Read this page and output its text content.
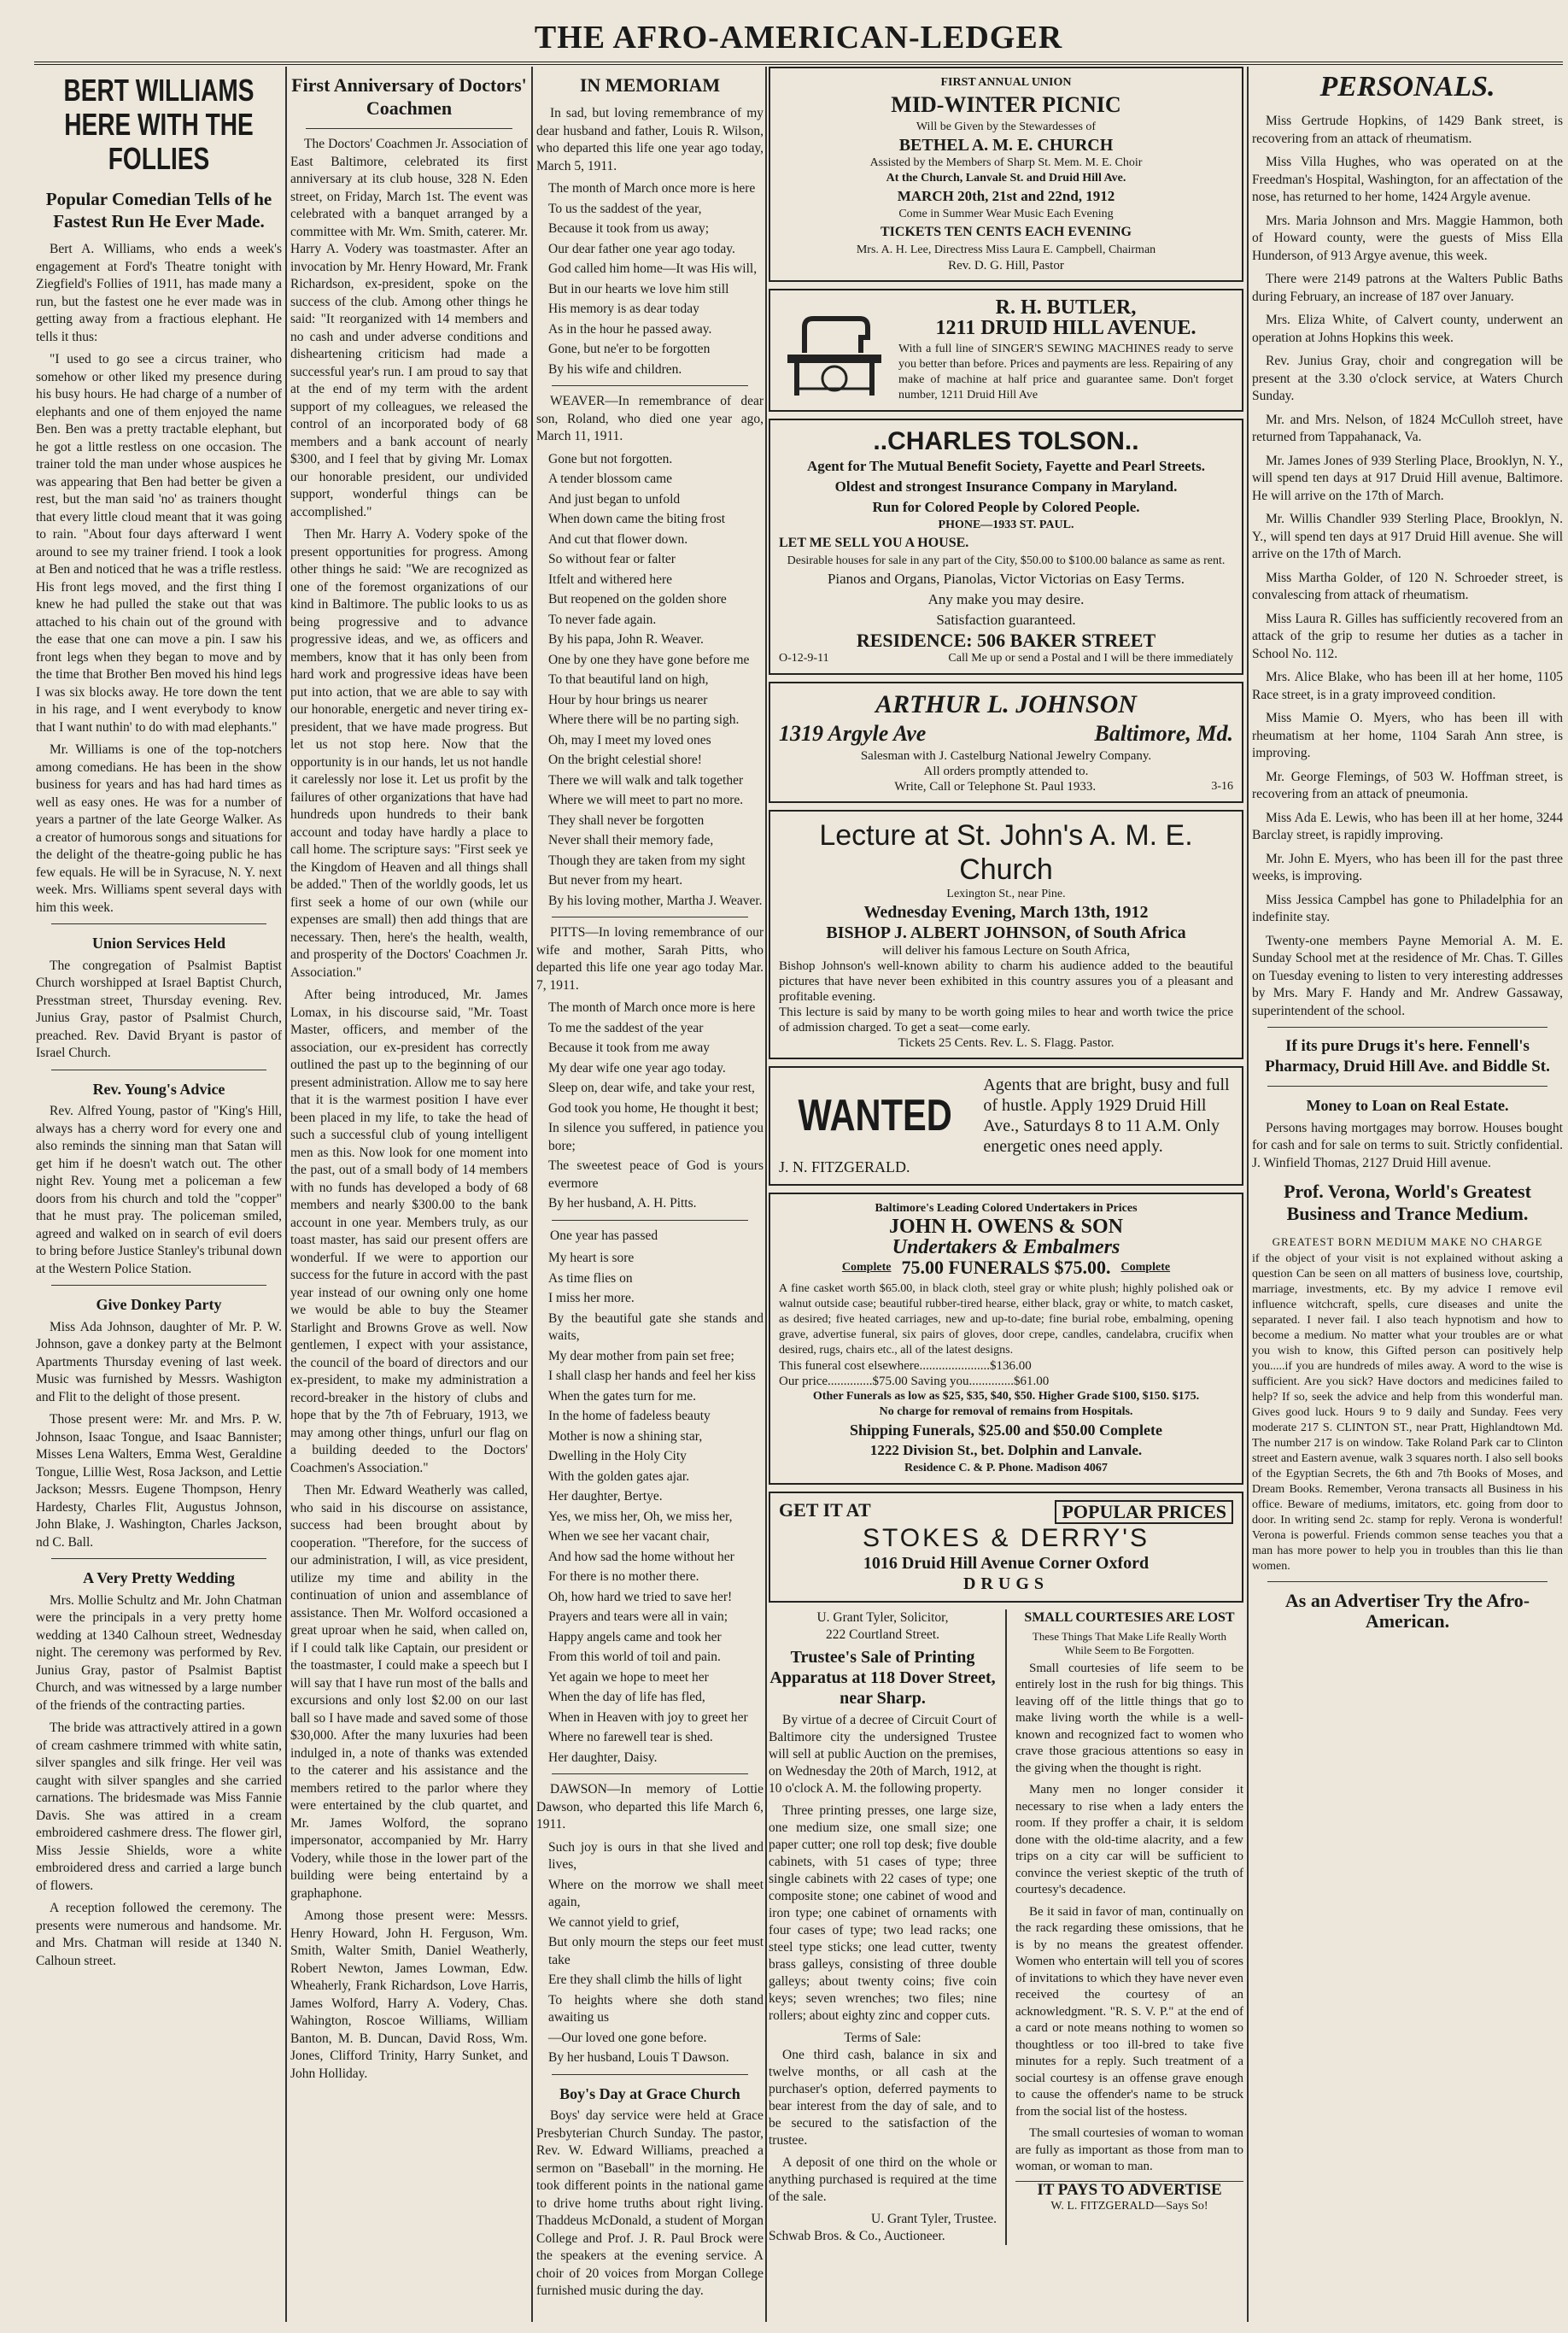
THE AFRO-AMERICAN-LEDGER
BERT WILLIAMS HERE WITH THE FOLLIES
Popular Comedian Tells of he Fastest Run He Ever Made.

Bert A. Williams, who ends a week's engagement at Ford's Theatre tonight with Ziegfield's Follies of 1911, has made many a run, but the fastest one he ever made was in getting away from a fractious elephant. He tells it thus:

"I used to go see a circus trainer, who somehow or other liked my presence during his busy hours. He had charge of a number of elephants and one of them enjoyed the name Ben. Ben was a pretty tractable elephant, but he got a little restless on one occasion. The trainer told the man under whose auspices he was appearing that Ben had better be given a rest, but the man said 'no' as trainers thought that every little cloud meant that it was going to rain. "About four days afterward I went around to see my trainer friend. I took a look at Ben and noticed that he was a trifle restless. His front legs moved, and the first thing I knew he had pulled the stake out that was attached to his chain out of the ground with the ease that one can move a pin. I saw his front legs when they began to move and by the time that Brother Ben moved his hind legs I was six blocks away. He tore down the tent in his rage, and I went everybody to know that I want nuthin' to do with mad elephants."

Mr. Williams is one of the top-notchers among comedians. He has been in the show business for years and has had hard times as well as easy ones. He was for a number of years a partner of the late George Walker. As a creator of humorous songs and situations for the delight of the theatre-going public he has few equals. He will be in Syracuse, N. Y. next week. Mrs. Williams spent several days with him this week.

Union Services Held

The congregation of Psalmist Baptist Church worshipped at Israel Baptist Church, Presstman street, Thursday evening. Rev. Junius Gray, pastor of Psalmist Church, preached. Rev. David Bryant is pastor of Israel Church.

Rev. Young's Advice

Rev. Alfred Young, pastor of "King's Hill, always has a cherry word for every one and also reminds the sinning man that Satan will get him if he doesn't watch out. The other night Rev. Young met a policeman a few doors from his church and told the "copper" that he must pray. The policeman smiled, agreed and walked on in search of evil doers to bring before Justice Stanley's tribunal down at the Western Police Station.

Give Donkey Party

Miss Ada Johnson, daughter of Mr. P. W. Johnson, gave a donkey party at the Belmont Apartments Thursday evening of last week. Music was furnished by Messrs. Washigton and Flit to the delight of those present.

Those present were: Mr. and Mrs. P. W. Johnson, Isaac Tongue, and Isaac Bannister; Misses Lena Walters, Emma West, Geraldine Tongue, Lillie West, Rosa Jackson, and Lettie Jackson; Messrs. Eugene Thompson, Henry Hardesty, Charles Flit, Augustus Johnson, John Blake, J. Washington, Charles Jackson, nd C. Ball.

A Very Pretty Wedding

Mrs. Mollie Schultz and Mr. John Chatman were the principals in a very pretty home wedding at 1340 Calhoun street, Wednesday night. The ceremony was performed by Rev. Junius Gray, pastor of Psalmist Baptist Church, and was witnessed by a large number of the friends of the contracting parties.

The bride was attractively attired in a gown of cream cashmere trimmed with white satin, silver spangles and silk fringe. Her veil was caught with silver spangles and she carried carnations. The bridesmade was Miss Fannie Davis. She was attired in a cream embroidered cashmere dress. The flower girl, Miss Jessie Shields, wore a white embroidered dress and carried a large bunch of flowers.

A reception followed the ceremony. The presents were numerous and handsome. Mr. and Mrs. Chatman will reside at 1340 N. Calhoun street.

First Anniversary of Doctors' Coachmen

The Doctors' Coachmen Jr. Association of East Baltimore, celebrated its first anniversary at its club house, 328 N. Eden street, on Friday, March 1st. The event was celebrated with a banquet arranged by a committee with Mr. Wm. Smith, caterer. Mr. Harry A. Vodery was toastmaster. After an invocation by Mr. Henry Howard, Mr. Frank Richardson, ex-president, spoke on the success of the club. Among other things he said: "It reorganized with 14 members and no cash and under adverse conditions and disheartening criticism had made a successful year's run. I am proud to say that at the end of my term with the ardent support of my colleagues, we released the control of an incorporated body of 68 members and a bank account of nearly $300, and I feel that by giving Mr. Lomax our honorable president, our undivided support, wonderful things can be accomplished."

Then Mr. Harry A. Vodery spoke of the present opportunities for progress. Among other things he said: "We are recognized as one of the foremost organizations of our kind in Baltimore. The public looks to us as being progressive and to advance progressive ideas, and we, as officers and members, know that it has only been from hard work and progressive ideas have been put into action, that we are able to say with our honorable, energetic and never tiring ex-president, that we have made progress. But let us not stop here. Now that the opportunity is in our hands, let us not handle it carelessly nor lose it. Let us profit by the failures of other organizations that have had hundreds upon hundreds to their bank account and today have hardly a place to call home. The scripture says: "First seek ye the Kingdom of Heaven and all things shall be added." Then of the worldly goods, let us first seek a home of our own (while our expenses are small) then add things that are necessary. Then, here's the health, wealth, and prosperity of the Doctors' Coachmen Jr. Association."

After being introduced, Mr. James Lomax, in his discourse said, "Mr. Toast Master, officers, and member of the association, our ex-president has correctly outlined the past up to the beginning of our present administration. Allow me to say here that it is the warmest position I have ever been placed in my life, to take the head of such a successful club of young intelligent men as this. Now look for one moment into the past, out of a small body of 14 members with no funds has developed a body of 68 members and nearly $300.00 to the bank account in one year. Members truly, as our toast master, has said our present offers are wonderful. If we were to apportion our success for the future in accord with the past year instead of our owning only one home we would be able to buy the Steamer Starlight and Browns Grove as well. Now gentlemen, I expect with your assistance, the council of the board of directors and our ex-president, to make my administration a record-breaker in the history of clubs and hope that by the 7th of February, 1913, we may among other things, unfurl our flag on a building deeded to the Doctors' Coachmen's Association."

Then Mr. Edward Weatherly was called, who said in his discourse on assistance, success had been brought about by cooperation. "Therefore, for the success of our administration, I will, as vice president, utilize my time and ability in the continuation of union and assemblance of assistance. Then Mr. Wolford occasioned a great uproar when he said, when called on, if I could talk like Captain, our president or the toastmaster, I could make a speech but I will say that I have run most of the balls and excursions and only lost $2.00 on our last ball so I have made and saved some of those $30,000. After the many luxuries had been indulged in, a note of thanks was extended to the caterer and his assistance and the members retired to the parlor where they were entertained by the club quartet, and Mr. James Wolford, the soprano impersonator, accompanied by Mr. Harry Vodery, while those in the lower part of the building were being entertaind by a graphaphone.

Among those present were: Messrs. Henry Howard, John H. Ferguson, Wm. Smith, Walter Smith, Daniel Weatherly, Robert Newton, James Lowman, Edw. Wheaherly, Frank Richardson, Love Harris, James Wolford, Harry A. Vodery, Chas. Wahington, Roscoe Williams, William Banton, M. B. Duncan, David Ross, Wm. Jones, Clifford Trinity, Harry Sunket, and John Holliday.

IN MEMORIAM

In sad, but loving remembrance of my dear husband and father, Louis R. Wilson, who departed this life one year ago today, March 5, 1911.

The month of March once more is here

To us the saddest of the year,

Because it took from us away;

Our dear father one year ago today.

God called him home—It was His will,

But in our hearts we love him still

His memory is as dear today

As in the hour he passed away.

Gone, but ne'er to be forgotten

By his wife and children.

WEAVER—In remembrance of dear son, Roland, who died one year ago, March 11, 1911.

Gone but not forgotten.

A tender blossom came

And just began to unfold

When down came the biting frost

And cut that flower down.

So without fear or falter

Itfelt and withered here

But reopened on the golden shore

To never fade again.

By his papa, John R. Weaver.

One by one they have gone before me

To that beautiful land on high,

Hour by hour brings us nearer

Where there will be no parting sigh.

Oh, may I meet my loved ones

On the bright celestial shore!

There we will walk and talk together

Where we will meet to part no more.

They shall never be forgotten

Never shall their memory fade,

Though they are taken from my sight

But never from my heart.

By his loving mother, Martha J. Weaver.

PITTS—In loving remembrance of our wife and mother, Sarah Pitts, who departed this life one year ago today Mar. 7, 1911.

The month of March once more is here

To me the saddest of the year

Because it took from me away

My dear wife one year ago today.

Sleep on, dear wife, and take your rest,

God took you home, He thought it best;

In silence you suffered, in patience you bore;

The sweetest peace of God is yours evermore

By her husband, A. H. Pitts.

One year has passed

My heart is sore

As time flies on

I miss her more.

By the beautiful gate she stands and waits,

My dear mother from pain set free;

I shall clasp her hands and feel her kiss

When the gates turn for me.

In the home of fadeless beauty

Mother is now a shining star,

Dwelling in the Holy City

With the golden gates ajar.

Her daughter, Bertye.

Yes, we miss her, Oh, we miss her,

When we see her vacant chair,

And how sad the home without her

For there is no mother there.

Oh, how hard we tried to save her!

Prayers and tears were all in vain;

Happy angels came and took her

From this world of toil and pain.

Yet again we hope to meet her

When the day of life has fled,

When in Heaven with joy to greet her

Where no farewell tear is shed.

Her daughter, Daisy.

DAWSON—In memory of Lottie Dawson, who departed this life March 6, 1911.

Such joy is ours in that she lived and lives,

Where on the morrow we shall meet again,

We cannot yield to grief,

But only mourn the steps our feet must take

Ere they shall climb the hills of light

To heights where she doth stand awaiting us

—Our loved one gone before.

By her husband, Louis T Dawson.

Boy's Day at Grace Church

Boys' day service were held at Grace Presbyterian Church Sunday. The pastor, Rev. W. Edward Williams, preached a sermon on "Baseball" in the morning. He took different points in the national game to drive home truths about right living. Thaddeus McDonald, a student of Morgan College and Prof. J. R. Paul Brock were the speakers at the evening service. A choir of 20 voices from Morgan College furnished music during the day.

FIRST ANNUAL UNION
MID-WINTER PICNIC
Will be Given by the Stewardesses of
BETHEL A. M. E. CHURCH
Assisted by the Members of Sharp St. Mem. M. E. Choir
At the Church, Lanvale St. and Druid Hill Ave.
MARCH 20th, 21st and 22nd, 1912
Come in Summer Wear Music Each Evening
TICKETS TEN CENTS EACH EVENING
Mrs. A. H. Lee, Directress Miss Laura E. Campbell, Chairman
Rev. D. G. Hill, Pastor
R. H. BUTLER,
1211 DRUID HILL AVENUE.
With a full line of SINGER'S SEWING MACHINES ready to serve you better than before. Prices and payments are less. Repairing of any make of machine at half price and guarantee same. Don't forget number, 1211 Druid Hill Ave
..CHARLES TOLSON..
Agent for The Mutual Benefit Society, Fayette and Pearl Streets.
Oldest and strongest Insurance Company in Maryland.
Run for Colored People by Colored People.
PHONE—1933 ST. PAUL.
LET ME SELL YOU A HOUSE.
Desirable houses for sale in any part of the City, $50.00 to $100.00 balance as same as rent.
Pianos and Organs, Pianolas, Victor Victorias on Easy Terms.
Any make you may desire.
Satisfaction guaranteed.
RESIDENCE: 506 BAKER STREET
O-12-9-11	Call Me up or send a Postal and I will be there immediately
ARTHUR L. JOHNSON
1319 Argyle Ave	Baltimore, Md.
Salesman with J. Castelburg National Jewelry Company.
All orders promptly attended to.
Write, Call or Telephone St. Paul 1933.	3-16
Lecture at St. John's A. M. E. Church
Lexington St., near Pine.
Wednesday Evening, March 13th, 1912
BISHOP J. ALBERT JOHNSON, of South Africa
will deliver his famous Lecture on South Africa,
Bishop Johnson's well-known ability to charm his audience added to the beautiful pictures that have never been exhibited in this country assures you of a pleasant and profitable evening.
This lecture is said by many to be worth going miles to hear and worth twice the price of admission charged. To get a seat—come early.
Tickets 25 Cents. Rev. L. S. Flagg. Pastor.
WANTED
Agents that are bright, busy and full of hustle. Apply 1929 Druid Hill Ave., Saturdays 8 to 11 A.M. Only energetic ones need apply.
J. N. FITZGERALD.
Baltimore's Leading Colored Undertakers in Prices
JOHN H. OWENS & SON
Undertakers & Embalmers
Complete 75.00 FUNERALS $75.00. Complete
A fine casket worth $65.00, in black cloth, steel gray or white plush; highly polished oak or walnut outside case; beautiful rubber-tired hearse, either black, gray or white, to match casket, as desired; five heated carriages, new and up-to-date; fine burial robe, embalming, opening grave, advertise funeral, six pairs of gloves, door crepe, candles, candelabra, crucifix when desired, rugs, chairs etc., all of the latest designs.
This funeral cost elsewhere......................$136.00
Our price..............$75.00 Saving you..............$61.00
Other Funerals as low as $25, $35, $40, $50. Higher Grade $100, $150. $175.
No charge for removal of remains from Hospitals.
Shipping Funerals, $25.00 and $50.00 Complete
1222 Division St., bet. Dolphin and Lanvale.
Residence C. & P. Phone. Madison 4067
GET IT AT	POPULAR PRICES
STOKES & DERRY'S
1016 Druid Hill Avenue Corner Oxford
DRUGS
U. Grant Tyler, Solicitor,
222 Courtland Street.
Trustee's Sale of Printing Apparatus at 118 Dover Street, near Sharp.

By virtue of a decree of Circuit Court of Baltimore city the undersigned Trustee will sell at public Auction on the premises, on Wednesday the 20th of March, 1912, at 10 o'clock A. M. the following property.

Three printing presses, one large size, one medium size, one small size; one paper cutter; one roll top desk; five double cabinets, with 51 cases of type; three single cabinets with 22 cases of type; one composite stone; one cabinet of wood and iron type; one cabinet of ornaments with four cases of type; two lead racks; one steel type sticks; one lead cutter, twenty brass galleys, consisting of three double galleys; about twenty coins; five coin keys; seven wrenches; two files; nine rollers; about eighty zinc and copper cuts.

Terms of Sale:

One third cash, balance in six and twelve months, or all cash at the purchaser's option, deferred payments to bear interest from the day of sale, and to be secured to the satisfaction of the trustee.

A deposit of one third on the whole or anything purchased is required at the time of the sale.

U. Grant Tyler, Trustee.
Schwab Bros. & Co., Auctioneer.
SMALL COURTESIES ARE LOST
These Things That Make Life Really Worth While Seem to Be Forgotten.

Small courtesies of life seem to be entirely lost in the rush for big things. This leaving off of the little things that go to make living worth the while is a well-known and recognized fact to women who crave those gracious attentions so easy in the giving when the thought is right.

Many men no longer consider it necessary to rise when a lady enters the room. If they proffer a chair, it is seldom done with the old-time alacrity, and a few trips on a city car will be sufficient to convince the veriest skeptic of the truth of courtesy's decadence.

Be it said in favor of man, continually on the rack regarding these omissions, that he is by no means the greatest offender. Women who entertain will tell you of scores of invitations to which they have never even received the courtesy of an acknowledgment. "R. S. V. P." at the end of a card or note means nothing to women so thoughtless or too ill-bred to take five minutes for a reply. Such treatment of a social courtesy is an offense grave enough to cause the offender's name to be struck from the social list of the hostess.

The small courtesies of woman to woman are fully as important as those from man to woman, or woman to man.

IT PAYS TO ADVERTISE
W. L. FITZGERALD—Says So!
PERSONALS.
Miss Gertrude Hopkins, of 1429 Bank street, is recovering from an attack of rheumatism.
Miss Villa Hughes, who was operated on at the Freedman's Hospital, Washington, for an affectation of the nose, has returned to her home, 1424 Argyle avenue.
Mrs. Maria Johnson and Mrs. Maggie Hammon, both of Howard county, were the guests of Miss Ella Hunderson, of 913 Argye avenue, this week.
There were 2149 patrons at the Walters Public Baths during February, an increase of 187 over January.
Mrs. Eliza White, of Calvert county, underwent an operation at Johns Hopkins this week.
Rev. Junius Gray, choir and congregation will be present at the 3.30 o'clock service, at Waters Church Sunday.
Mr. and Mrs. Nelson, of 1824 McCulloh street, have returned from Tappahanack, Va.
Mr. James Jones of 939 Sterling Place, Brooklyn, N. Y., will spend ten days at 917 Druid Hill avenue, Baltimore. He will arrive on the 17th of March.
Mr. Willis Chandler 939 Sterling Place, Brooklyn, N. Y., will spend ten days at 917 Druid Hill avenue. She will arrive on the 17th of March.
Miss Martha Golder, of 120 N. Schroeder street, is convalescing from attack of rheumatism.
Miss Laura R. Gilles has sufficiently recovered from an attack of the grip to resume her duties as a tacher in School No. 112.
Mrs. Alice Blake, who has been ill at her home, 1105 Race street, is in a graty improveed condition.
Miss Mamie O. Myers, who has been ill with rheumatism at her home, 1104 Sarah Ann stree, is improving.
Mr. George Flemings, of 503 W. Hoffman street, is recovering from an attack of pneumonia.
Miss Ada E. Lewis, who has been ill at her home, 3244 Barclay street, is rapidly improving.
Mr. John E. Myers, who has been ill for the past three weeks, is improving.
Miss Jessica Campbel has gone to Philadelphia for an indefinite stay.
Twenty-one members Payne Memorial A. M. E. Sunday School met at the residence of Mr. Chas. T. Gilles on Tuesday evening to listen to very interesting addresses by Mrs. Mary F. Handy and Mr. Andrew Gassaway, superintendent of the school.
If its pure Drugs it's here. Fennell's Pharmacy, Druid Hill Ave. and Biddle St.
Money to Loan on Real Estate.

Persons having mortgages may borrow. Houses bought for cash and for sale on terms to suit. Strictly confidential. J. Winfield Thomas, 2127 Druid Hill avenue.

Prof. Verona, World's Greatest Business and Trance Medium.
GREATEST BORN MEDIUM MAKE NO CHARGE
if the object of your visit is not explained without asking a question Can be seen on all matters of business love, courtship, marriage, investments, etc. By my advice I remove evil influence witchcraft, spells, cure diseases and unite the separated. I never fail. I also teach hypnotism and how to become a medium. No matter what your troubles are or what you wish to know, this Gifted person can positively help you.....if you are hundreds of miles away. A word to the wise is sufficient. Are you sick? Have doctors and medicines failed to help? If so, seek the advice and help from this wonderful man. Gives good luck. Hours 9 to 9 daily and Sunday. Fees very moderate 217 S. CLINTON ST., near Pratt, Highlandtown Md. The number 217 is on window. Take Roland Park car to Clinton street and Eastern avenue, walk 3 squares north. I also sell books of the Egyptian Secrets, the 6th and 7th Books of Moses, and Dream Books. Remember, Verona transacts all Business in his office. Beware of mediums, imitators, etc. going from door to door. In writing send 2c. stamp for reply. Verona is wonderful! Verona is powerful. Friends common sense teaches you that a man has more power to help you in troubles than this lie than women.
As an Advertiser Try the Afro-American.
